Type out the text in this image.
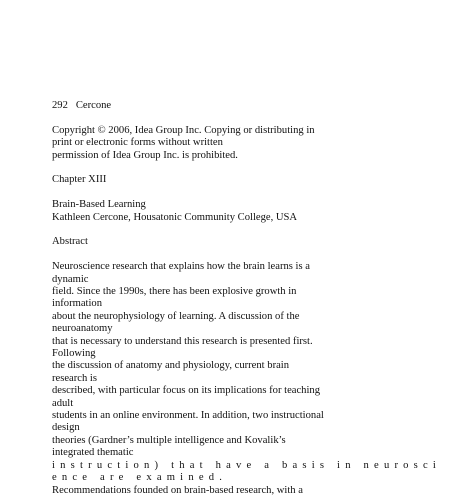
292 Cercone
Copyright © 2006, Idea Group Inc. Copying or distributing in
print or electronic forms without written
permission of Idea Group Inc. is prohibited.
Chapter XIII
Brain-Based Learning
Kathleen Cercone, Housatonic Community College, USA
Abstract
Neuroscience research that explains how the brain learns is a
dynamic
field. Since the 1990s, there has been explosive growth in
information
about the neurophysiology of learning. A discussion of the
neuroanatomy
that is necessary to understand this research is presented first.
Following
the discussion of anatomy and physiology, current brain
research is
described, with particular focus on its implications for teaching
adult
students in an online environment. In addition, two instructional
design
theories (Gardner’s multiple intelligence and Kovalik’s
integrated thematic
instruction) that have a basis in neurosci
ence are examined.
Recommendations founded on brain-based research, with a
